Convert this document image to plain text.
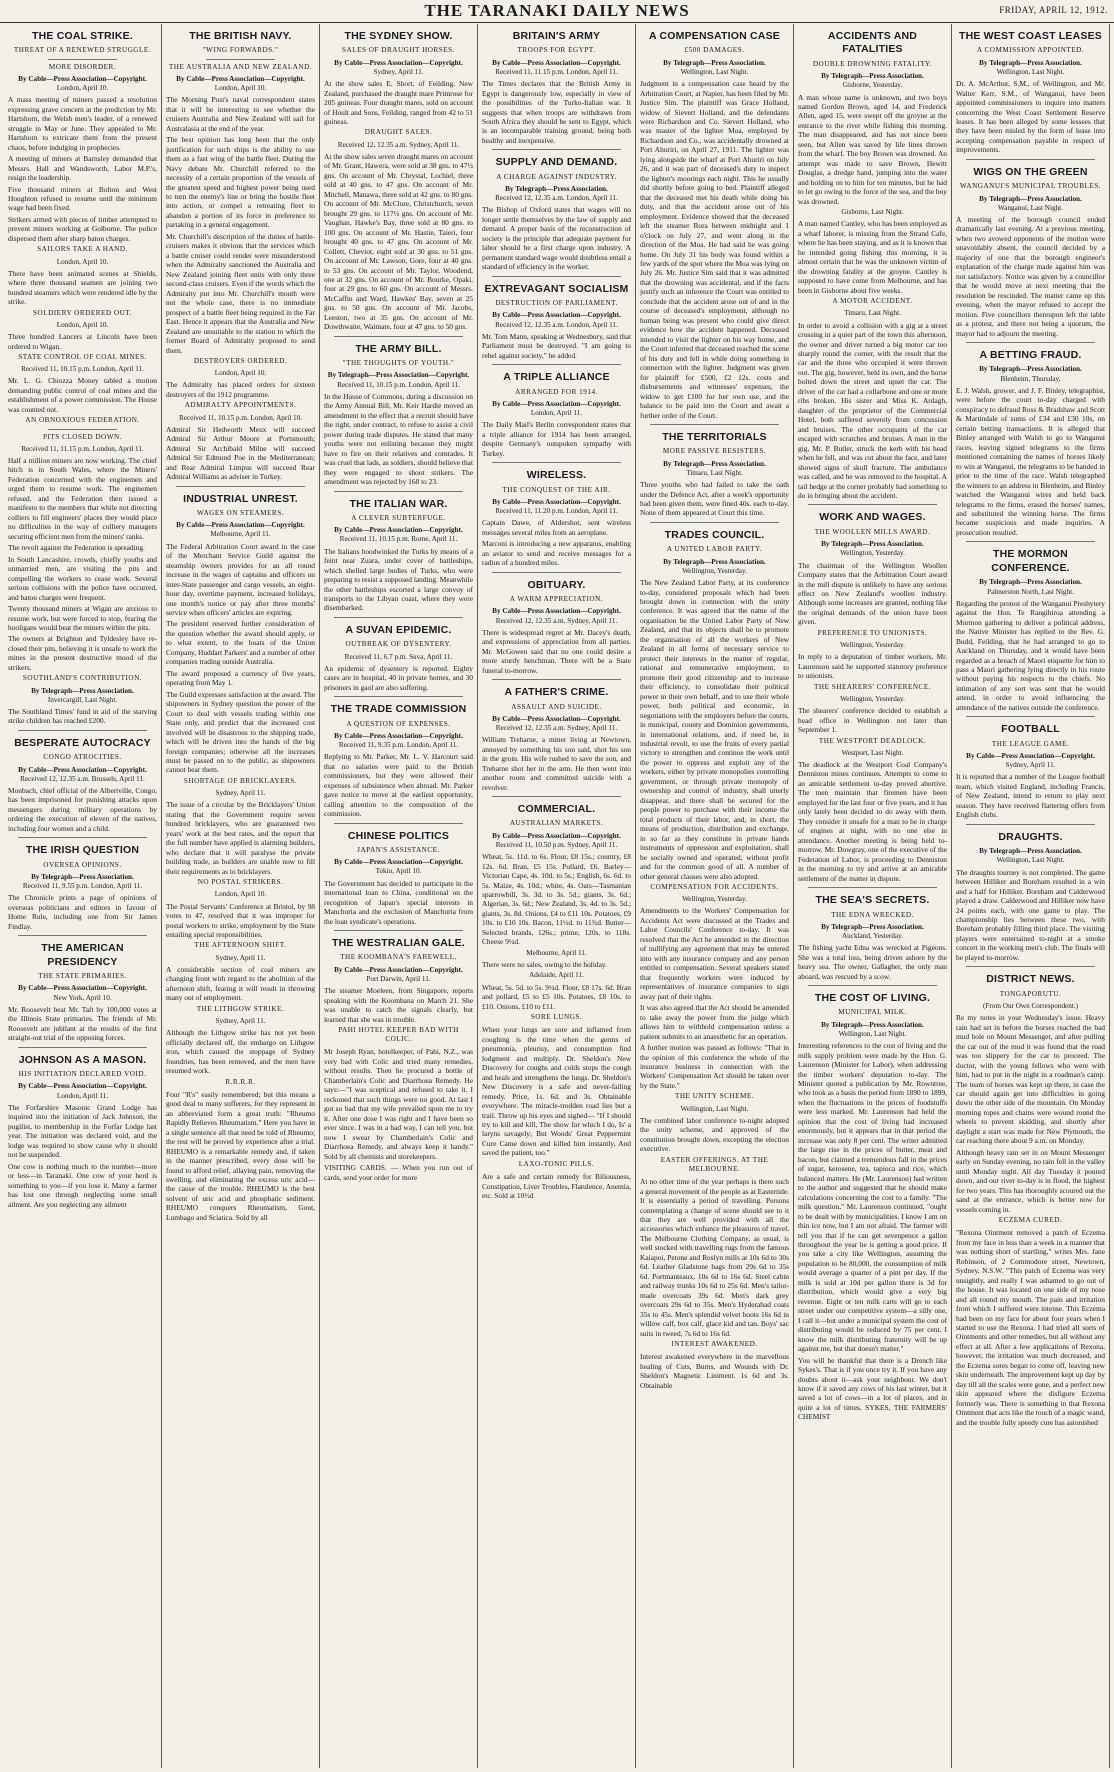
THE TARANAKI DAILY NEWS	FRIDAY, APRIL 12, 1912.
THE COAL STRIKE.
THREAT OF A RENEWED STRUGGLE.
MORE DISORDER.
By Cable—Press Association—Copyright.
London, April 10.
A mass meeting of miners passed a resolution expressing grave concern at the prediction by Mr. Hartshorn, the Welsh men's leader, of a renewed struggle in May or June. They appealed to Mr. Hartshorn to extricate them from the present chaos, before indulging in prophecies.
A meeting of miners at Barnsley demanded that Messrs. Hall and Wandsworth, Labor M.P.'s, resign the leadership.
Five thousand miners at Bolton and West Houghton refused to resume until the minimum wage had been fixed.
Strikers armed with pieces of timber attempted to prevent miners working at Golborne. The police dispersed them after sharp baton charges.
SAILORS TAKE A HAND.
London, April 10.
There have been animated scenes at Shields, where three thousand seamen are joining two hundred steamers which were rendered idle by the strike.
SOLDIERY ORDERED OUT.
London, April 10.
Three hundred Lancers at Lincoln have been ordered to Wigan.
STATE CONTROL OF COAL MINES.
Received 11, 10.15 p.m. London, April 11.
Mr. L. G. Chiozza Money tabled a motion demanding public control of coal mines and the establishment of a power commission. The House was counted out.
AN OBNOXIOUS FEDERATION.
PITS CLOSED DOWN.
Received 11, 11.15 p.m. London, April 11.
Half a million miners are now working. The chief hitch is in South Wales, where the Miners' Federation concerned with the enginemen and urged them to resume work. The enginemen refused, and the Federation then issued a manifesto to the members that while not directing colliers to fill engineers' places they would place no difficulties in the way of colliery managers securing efficient men from the miners' ranks.
The revolt against the Federation is spreading.
In South Lancashire, crowds, chiefly youths and unmarried men, are visiting the pits and compelling the workers to cease work. Several serious collisions with the police have occurred, and baton charges were frequent.
Twenty thousand miners at Wigan are anxious to resume work, but were forced to stop, fearing the hooligans would beat the miners within the pits.
The owners at Brighton and Tyldesley have re-closed their pits, believing it is unsafe to work the mines in the present destructive mood of the strikers.
SOUTHLAND'S CONTRIBUTION.
By Telegraph—Press Association.
Invercargill, Last Night.
The Southland Times' fund in aid of the starving strike children has reached £200.
BESPERATE AUTOCRACY
CONGO ATROCITIES.
By Cable—Press Association—Copyright.
Received 12, 12.35 a.m. Brussels, April 11.
Monbach, chief official of the Albertville, Congo, has been imprisoned for punishing attacks upon messengers during military operations by ordering the execution of eleven of the natives, including four women and a child.
THE IRISH QUESTION
OVERSEA OPINIONS.
By Telegraph—Press Association.
Received 11, 9.55 p.m. London, April 11.
The Chronicle prints a page of opinions of overseas politicians and editors in favour of Home Rule, including one from Sir James Findlay.
THE AMERICAN PRESIDENCY
THE STATE PRIMARIES.
By Cable—Press Association—Copyright.
New York, April 10.
Mr. Roosevelt beat Mr. Taft by 100,000 votes at the Illinois State primaries. The friends of Mr. Roosevelt are jubilant at the results of the first straight-out trial of the opposing forces.
JOHNSON AS A MASON.
HIS INITIATION DECLARED VOID.
By Cable—Press Association—Copyright.
London, April 11.
The Forfarshire Masonic Grand Lodge has inquired into the initiation of Jack Johnson, the pugilist, to membership in the Forfar Lodge last year. The initiation was declared void, and the lodge was required to show cause why it should not be suspended.
One cow is nothing much to the number—more or less—in Taranaki. One cow of your herd is something to you—if you lose it. Many a farmer has lost one through neglecting some small ailment. Are you neglecting any ailment
THE BRITISH NAVY.
"WING FORWARDS."
THE AUSTRALIA AND NEW ZEALAND.
By Cable—Press Association—Copyright.
London, April 10.
The Morning Post's naval correspondent states that it will be interesting to see whether the cruisers Australia and New Zealand will sail for Australasia at the end of the year.
The best opinion has long been that the only justification for such ships is the ability to use them as a fast wing of the battle fleet. During the Navy debate Mr. Churchill referred to the necessity of a certain proportion of the vessels of the greatest speed and highest power being used to turn the enemy's line or bring the hostile fleet into action, or compel a retreating fleet to abandon a portion of its force in preference to partaking in a general engagement.
Mr. Churchill's description of the duties of battle-cruisers makes it obvious that the services which a battle cruiser could render were misunderstood when the Admiralty sanctioned the Australia and New Zealand joining fleet units with only three second-class cruisers. Even if the words which the Admiralty put into Mr. Churchill's mouth were not the whole case, there is no immediate prospect of a battle fleet being required in the Far East. Hence it appears that the Australia and New Zealand are unsuitable to the station to which the former Board of Admiralty proposed to send them.
DESTROYERS ORDERED.
London, April 10.
The Admiralty has placed orders for sixteen destroyers of the 1912 programme.
ADMIRALTY APPOINTMENTS.
Received 11, 10.15 p.m. London, April 10.
Admiral Sir Hedworth Meux will succeed Admiral Sir Arthur Moore at Portsmouth; Admiral Sir Archibald Milne will succeed Admiral Sir Edmund Poe in the Mediterranean; and Rear Admiral Limpus will succeed Rear Admiral Williams as adviser in Turkey.
INDUSTRIAL UNREST.
WAGES ON STEAMERS.
By Cable—Press Association—Copyright.
Melbourne, April 11.
The Federal Arbitration Court award in the case of the Merchant Service Guild against the steamship owners provides for an all round increase in the wages of captains and officers on inter-State passenger and cargo vessels, an eight-hour day, overtime payment, increased holidays, one month's notice or pay after three months' service when officers' articles are expiring.
The president reserved further consideration of the question whether the award should apply, or to what extent, to the boats of the Union Company, Huddart Parkers' and a number of other companies trading outside Australia.
The award proposed a currency of five years, operating from May 1.
The Guild expresses satisfaction at the award. The shipowners in Sydney question the power of the Court to deal with vessels trading within one State only, and predict that the increased cost involved will be disastrous to the shipping trade, which will be driven into the hands of the big foreign companies; otherwise all the increases must be passed on to the public, as shipowners cannot bear them.
SHORTAGE OF BRICKLAYERS.
Sydney, April 11.
The issue of a circular by the Bricklayers' Union stating that the Government require seven hundred bricklayers, who are guaranteed two years' work at the best rates, and the report that the full number have applied is alarming builders, who declare that it will paralyse the private building trade, as builders are unable now to fill their requirements as to bricklayers.
NO POSTAL STRIKERS.
London, April 10.
The Postal Servants' Conference at Bristol, by 98 votes to 47, resolved that it was improper for postal workers to strike, employment by the State entailing special responsibilities.
THE AFTERNOON SHIFT.
Sydney, April 11.
A considerable section of coal miners are changing front with regard to the abolition of the afternoon shift, fearing it will result in throwing many out of employment.
THE LITHGOW STRIKE.
Sydney, April 11.
Although the Lithgow strike has not yet been officially declared off, the embargo on Lithgow iron, which caused the stoppage of Sydney foundries, has been removed, and the men have resumed work.
R.R.R.R.
Four "R's" easily remembered; but this means a good deal to many sufferers, for they represent in an abbreviated form a great truth: "Rheumo Rapidly Relieves Rheumatism." Here you have in a single sentence all that need be told of Rheumo; the rest will be proved by experience after a trial. RHEUMO is a remarkable remedy and, if taken in the manner prescribed, every dose will be found to afford relief, allaying pain, removing the swelling, and eliminating the excess uric acid—the cause of the trouble. RHEUMO is the best solvent of uric acid and phosphatic sediment. RHEUMO conquers Rheumatism, Gout, Lumbago and Sciatica. Sold by all
THE SYDNEY SHOW.
SALES OF DRAUGHT HORSES.
By Cable—Press Association—Copyright.
Sydney, April 11.
At the show sales E. Short, of Feilding, New Zealand, purchased the draught mare Primrose for 205 guineas. Four draught mares, sold on account of Hoult and Sons, Feilding, ranged from 42 to 51 guineas.
DRAUGHT SALES.
Received 12, 12.35 a.m. Sydney, April 11.
At the show sales seven draught mares on account of Mr. Grant, Hawera, were sold at 38 gns. to 47½ gns. On account of Mr. Chrystal, Lochiel, three sold at 40 gns. to 47 gns. On account of Mr. Mitchell, Manawa, three sold at 42 gns. to 80 gns. On account of Mr. McClure, Christchurch, seven brought 29 gns. to 117½ gns. On account of Mr. Vaughan, Hawke's Bay, three sold at 80 gns. to 100 gns. On account of Mr. Hastie, Taieri, four brought 40 gns. to 47 gns. On account of Mr. Collett, Cheviot, eight sold at 30 gns. to 51 gns. On account of Mr. Lawson, Gore, four at 40 gns. to 53 gns. On account of Mr. Taylor, Woodend, one at 32 gns. On account of Mr. Bourke, Opaki, four at 29 gns. to 60 gns. On account of Messrs. McCaffin and Ward, Hawkes' Bay, seven at 25 gns. to 50 gns. On account of Mr. Jacobs, Leeston, two at 35 gns. On account of Mr. Dowthwaite, Waimate, four at 47 gns. to 50 gns.
THE ARMY BILL.
"THE THOUGHTS OF YOUTH."
By Telegraph—Press Association—Copyright.
Received 11, 10.15 p.m. London, April 11.
In the House of Commons, during a discussion on the Army Annual Bill, Mr. Keir Hardie moved an amendment to the effect that a recruit should have the right, under contract, to refuse to assist a civil power during trade disputes. He stated that many youths were not enlisting because they might have to fire on their relatives and comrades. It was cruel that lads, as soldiers, should believe that they were engaged to shoot strikers. The amendment was rejected by 168 to 23.
THE ITALIAN WAR.
A CLEVER SUBTERFUGE.
By Cable—Press Association—Copyright.
Received 11, 10.15 p.m. Rome, April 11.
The Italians hoodwinked the Turks by means of a feint near Zuara, under cover of battleships, which shelled large bodies of Turks, who were preparing to resist a supposed landing. Meanwhile the other battleships escorted a large convoy of transports to the Libyan coast, where they were disembarked.
A SUVAN EPIDEMIC.
OUTBREAK OF DYSENTERY.
Received 11, 6.7 p.m. Suva, April 11.
An epidemic of dysentery is reported. Eighty cases are in hospital, 40 in private homes, and 30 prisoners in gaol are also suffering.
THE TRADE COMMISSION
A QUESTION OF EXPENSES.
By Cable—Press Association—Copyright.
Received 11, 9.35 p.m. London, April 11.
Replying to Mr. Parker, Mr. L. V. Harcourt said that no salaries were paid to the British commissioners, but they were allowed their expenses of subsistence when abroad. Mr. Parker gave notice to move at the earliest opportunity, calling attention to the composition of the commission.
CHINESE POLITICS
JAPAN'S ASSISTANCE.
By Cable—Press Association—Copyright.
Tokio, April 10.
The Government has decided to participate in the international loan to China, conditional on the recognition of Japan's special interests in Manchuria and the exclusion of Manchuria from the loan syndicate's operations.
THE WESTRALIAN GALE.
THE KOOMBANA'S FAREWELL.
By Cable—Press Association—Copyright.
Port Darwin, April 11.
The steamer Moeleen, from Singapore, reports speaking with the Koombana on March 21. She was unable to catch the signals clearly, but learned that she was in trouble.
PAHI HOTEL KEEPER BAD WITH COLIC.
Mr Joseph Ryan, hotelkeeper, of Pahi, N.Z., was very bad with Colic and tried many remedies, without results. Then he procured a bottle of Chamberlain's Colic and Diarrhoea Remedy. He says:—"I was sceptical and refused to take it. I reckoned that such things were no good. At last I got so bad that my wife prevailed upon me to try it. After one dose I was right and I have been so ever since. I was in a bad way, I can tell you, but now I swear by Chamberlain's Colic and Diarrhoea Remedy, and always keep it handy." Sold by all chemists and storekeepers.
VISITING CARDS. — When you run out of cards, send your order for more
BRITAIN'S ARMY
TROOPS FOR EGYPT.
By Cable—Press Association—Copyright.
Received 11, 11.15 p.m. London, April 11.
The Times declares that the British Army in Egypt is dangerously low, especially in view of the possibilities of the Turko-Italian war. It suggests that when troops are withdrawn from South Africa they should be sent to Egypt, which is an incomparable training ground, being both healthy and inexpensive.
SUPPLY AND DEMAND.
A CHARGE AGAINST INDUSTRY.
By Telegraph—Press Association.
Received 12, 12.35 a.m. London, April 11.
The Bishop of Oxford states that wages will no longer settle themselves by the law of supply and demand. A proper basis of the reconstruction of society is the principle that adequate payment for labor should be a first charge upon industry. A permanent standard wage would doubtless entail a standard of efficiency in the worker.
EXTREVAGANT SOCIALISM
DESTRUCTION OF PARLIAMENT.
By Cable—Press Association—Copyright.
Received 12, 12.35 a.m. London, April 11.
Mr. Tom Mann, speaking at Wednesbury, said that Parliament must be destroyed. "I am going to rebel against society," he added.
A TRIPLE ALLIANCE
ARRANGED FOR 1914.
By Cable—Press Association—Copyright.
London, April 11.
The Daily Mail's Berlin correspondent states that a triple alliance for 1914 has been arranged, despite Germany's outspoken sympathy with Turkey.
WIRELESS.
THE CONQUEST OF THE AIR.
By Cable—Press Association—Copyright.
Received 11, 11.20 p.m. London, April 11.
Captain Dawe, of Aldershot, sent wireless messages several miles from an aeroplane.
Marconi is introducing a new apparatus, enabling an aviator to send and receive messages for a radius of a hundred miles.
OBITUARY.
A WARM APPRECIATION.
By Cable—Press Association—Copyright.
Received 12, 12.35 a.m. Sydney, April 11.
There is widespread regret at Mr. Dacey's death, and expressions of appreciation from all parties. Mr. McGowen said that no one could desire a more sturdy henchman. There will be a State funeral to-morrow.
A FATHER'S CRIME.
ASSAULT AND SUICIDE.
By Cable—Press Association—Copyright.
Received 12, 12.35 a.m. Sydney, April 11.
William Treharne, a miner living at Newtown, annoyed by something his son said, shot his son in the groin. His wife rushed to save the son, and Treharne shot her in the arm. He then went into another room and committed suicide with a revolver.
COMMERCIAL.
AUSTRALIAN MARKETS.
By Cable—Press Association—Copyright.
Received 11, 10.50 p.m. Sydney, April 11.
Wheat, 5s. 11d. to 6s. Flour, £8 15s.; country, £8 12s. 6d. Bran, £5 15s. Pollard, £6. Barley—Victorian Cape, 4s. 10d. to 5s.; English, 6s. 6d. to 5s. Maize, 4s. 10d.; white, 4s. Oats—Tasmanian sparrowbill, 3s. 3d. to 3s. 5d.; giants, 3s. 6d.; Algerian, 3s. 6d.; New Zealand, 3s. 4d. to 3s. 5d.; giants, 3s. 8d. Onions, £4 to £11 10s. Potatoes, £9 10s. to £10 10s. Bacon, 11½d. to 11¾d. Butter—Selected brands, 126s.; prime, 120s. to 118s. Cheese 9¼d.
Melbourne, April 11.
There were no sales, owing to the holiday.
Adelaide, April 11.
Wheat, 5s. 5d. to 5s. 9¼d. Flour, £8 17s. 6d. Bran and pollard, £5 to £5 10s. Potatoes, £8 10s. to £10. Onions, £10 to £11.
SORE LUNGS.
When your lungs are sore and inflamed from coughing is the time when the germs of pneumonia, pleurisy, and consumption find lodgment and multiply. Dr. Sheldon's New Discovery for coughs and colds stops the cough and heals and strengthens the lungs. Dr. Sheldon's New Discovery is a safe and never-failing remedy. Price, 1s. 6d. and 3s. Obtainable everywhere. The miracle-trodden road lies but a trail. Throw up his eyes and sighed— "If I should try to kill and kill, The show for which I do, Is' a laryns savagely; But Woods' Great Peppermint Cure Came down and killed him instantly, And saved the patient, too."
LAXO-TONIC PILLS.
Are a safe and certain remedy for Biliousness, Constipation, Liver Troubles, Flatulence, Anemia, etc. Sold at 10½d
A COMPENSATION CASE
£500 DAMAGES.
By Telegraph—Press Association.
Wellington, Last Night.
Judgment in a compensation case heard by the Arbitration Court, at Napier, has been filed by Mr. Justice Sim. The plaintiff was Grace Holland, widow of Sievert Holland, and the defendants were Richardson and Co. Sievert Holland, who was master of the lighter Moa, employed by Richardson and Co., was accidentally drowned at Port Ahuriri, on April 27, 1911. The lighter was lying alongside the wharf at Port Ahuriri on July 26, and it was part of deceased's duty to inspect the lighter's moorings each night. This he usually did shortly before going to bed. Plaintiff alleged that the deceased met his death while doing his duty, and that the accident arose out of his employment. Evidence showed that the deceased left the steamer Rora between midnight and 1 o'clock on July 27, and went along in the direction of the Moa. He had said he was going home. On July 31 his body was found within a few yards of the spot where the Moa was lying on July 26. Mr. Justice Sim said that it was admitted that the drowning was accidental, and if the facts justify such an inference the Court was entitled to conclude that the accident arose out of and in the course of deceased's employment, although no human being was present who could give direct evidence how the accident happened. Deceased intended to visit the lighter on his way home, and the Court inferred that deceased reached the scene of his duty and fell in while doing something in connection with the lighter. Judgment was given for plaintiff for £500, £2 12s. costs and disbursements and witnesses' expenses, the widow to get £100 for her own use, and the balance to be paid into the Court and await a further order of the Court.
THE TERRITORIALS
MORE PASSIVE RESISTERS.
By Telegraph—Press Association.
Timaru, Last Night.
Three youths who had failed to take the oath under the Defence Act, after a week's opportunity had been given them, were fined 40s. each to-day. None of them appeared at Court this time.
TRADES COUNCIL.
A UNITED LABOR PARTY.
By Telegraph—Press Association.
Wellington, Yesterday.
The New Zealand Labor Party, at its conference to-day, considered proposals which had been brought down in connection with the unity conference. It was agreed that the name of the organisation be the United Labor Party of New Zealand, and that its objects shall be to promote the organisation of all the workers of New Zealand in all forms of necessary service to protect their interests in the matter of regular, rational and remunerative employment, to promote their good citizenship and to increase their efficiency, to consolidate their political power in their own behalf, and to use their whole power, both political and economic, in negotiations with the employers before the courts, in municipal, county and Dominion governments, in international relations, and, if need be, in industrial revolt, to use the fruits of every partial victory to strengthen and continue the work until the power to oppress and exploit any of the workers, either by private monopolies controlling government, or through private monopoly of ownership and control of industry, shall utterly disappear, and there shall be secured for the people power to purchase with their income the total products of their labor, and, in short, the means of production, distribution and exchange, in so far as they constitute in private hands instruments of oppression and exploitation, shall be socially owned and operated, without profit and for the common good of all. A number of other general clauses were also adopted.
COMPENSATION FOR ACCIDENTS.
Wellington, Yesterday.
Amendments to the Workers' Compensation for Accidents Act were discussed at the Trades and Labor Councils' Conference to-day. It was resolved that the Act be amended in the direction of nullifying any agreement that may be entered into with any insurance company and any person entitled to compensation. Several speakers stated that frequently workers were induced by representatives of insurance companies to sign away part of their rights.
It was also agreed that the Act should be amended to take away the power from the judge which allows him to withhold compensation unless a patient submits to an anaesthetic for an operation.
A further motion was passed as follows: "That in the opinion of this conference the whole of the insurance business in connection with the Workers' Compensation Act should be taken over by the State."
THE UNITY SCHEME.
Wellington, Last Night.
The combined labor conference to-night adopted the unity scheme, and approved of the constitution brought down, excepting the election executive.
EASTER OFFERINGS. AT THE MELBOURNE.
At no other time of the year perhaps is there such a general movement of the people as at Eastertide. It is essentially a period of travelling. Persons contemplating a change of scene should see to it that they are well provided with all the accessories which enhance the pleasures of travel. The Melbourne Clothing Company, as usual, is well stocked with travelling rugs from the famous Kaiapoi, Petone and Roslyn mills at 10s 6d to 30s 6d. Leather Gladstone bags from 29s 6d to 35s 6d. Portmanteaux, 10s 6d to 16s 6d. Steel cabin and railway trunks 10s 6d to 25s 6d. Men's tailor-made overcoats 39s 6d. Men's dark grey overcoats 29s 6d to 35s. Men's Hyderabad coats 35s to 45s. Men's splendid velvet boots 16s 6d in willow calf, box calf, glace kid and tan. Boys' sac suits in tweed, 7s 6d to 16s 6d.
INTEREST AWAKENED.
Interest awakened everywhere in the marvellous healing of Cuts, Burns, and Wounds with Dr. Sheldon's Magnetic Liniment. 1s 6d and 3s. Obtainable
ACCIDENTS AND FATALITIES
DOUBLE DROWNING FATALITY.
By Telegraph—Press Association.
Gisborne, Yesterday.
A man whose name is unknown, and two boys named Gordon Brown, aged 14, and Frederick Allen, aged 15, were swept off the groyne at the entrance to the river while fishing this morning. The man disappeared, and has not since been seen, but Allen was saved by life lines thrown from the wharf. The boy Brown was drowned. An attempt was made to save Brown, Hewitt Douglas, a dredge hand, jumping into the water and holding on to him for ten minutes, but he had to let go owing to the force of the sea, and the boy was drowned.
Gisborne, Last Night.
A man named Cantley, who has been employed as a wharf laborer, is missing from the Strand Cafe, where he has been staying, and as it is known that he intended going fishing this morning, it is almost certain that he was the unknown victim of the drowning fatality at the groyne. Cantley is supposed to have come from Melbourne, and has been in Gisborne about five weeks.
A MOTOR ACCIDENT.
Timaru, Last Night.
In order to avoid a collision with a gig at a street crossing in a quiet part of the town this afternoon, the owner and driver turned a big motor car too sharply round the corner, with the result that the car and the three who occupied it were thrown out. The gig, however, held its own, and the horse bolted down the street and upset the car. The driver of the car had a collarbone and one or more ribs broken. His sister and Miss K. Ardagh, daughter of the proprietor of the Commercial Hotel, both suffered severely from concussion and bruises. The other occupants of the car escaped with scratches and bruises. A man in the gig, Mr. P. Butler, struck the kerb with his head when he fell, and was cut about the face, and later showed signs of skull fracture. The ambulance was called, and he was removed to the hospital. A tail hedge at the corner probably had something to do in bringing about the accident.
WORK AND WAGES.
THE WOOLLEN MILLS AWARD.
By Telegraph—Press Association.
Wellington, Yesterday.
The chairman of the Wellington Woollen Company states that the Arbitration Court award in the mill dispute is unlikely to have any serious effect on New Zealand's woollen industry. Although some increases are granted, nothing like the original demands of the union have been given.
PREFERENCE TO UNIONISTS.
Wellington, Yesterday.
In reply to a deputation of timber workers, Mr. Laurenson said he supported statutory preference to unionists.
THE SHEARERS' CONFERENCE.
Wellington, Yesterday.
The shearers' conference decided to establish a head office in Wellington not later than September 1.
THE WESTPORT DEADLOCK.
Westport, Last Night.
The deadlock at the Westport Coal Company's Denniston mines continues. Attempts to come to an amicable settlement to-day proved abortive. The men maintain that firemen have been employed for the last four or five years, and it has only lately been decided to do away with them. They consider it unsafe for a man to be in charge of engines at night, with no one else in attendance. Another meeting is being held to-morrow. Mr. Dowgray, one of the executive of the Federation of Labor, is proceeding to Denniston in the morning to try and arrive at an amicable settlement of the matter in dispute.
THE SEA'S SECRETS.
THE EDNA WRECKED.
By Telegraph—Press Association.
Auckland, Yesterday.
The fishing yacht Edna was wrecked at Pigeons. She was a total loss, being driven ashore by the heavy sea. The owner, Gallagher, the only man aboard, was rescued by a scow.
THE COST OF LIVING.
MUNICIPAL MILK.
By Telegraph—Press Association.
Wellington, Last Night.
Interesting references to the cost of living and the milk supply problem were made by the Hon. G. Laurenson (Minister for Labor), when addressing the timber workers' deputation to-day. The Minister quoted a publication by Mr. Rowntree, who took as a basis the period from 1890 to 1899, when the fluctuations in the prices of foodstuffs were less marked. Mr. Laurenson had held the opinion that the cost of living had increased enormously, but it appears that in that period the increase was only 8 per cent. The writer admitted the large rise in the prices of butter, meat and bacon, but claimed a tremendous fall in the prices of sugar, kerosene, tea, tapioca and rice, which balanced matters. He (Mr. Laurenson) had written to the author and suggested that he should make calculations concerning the cost to a family. "The milk question," Mr. Laurenson continued, "ought to be dealt with by municipalities. I know I am on thin ice now, but I am not afraid. The farmer will tell you that if he can get sevenpence a gallon throughout the year he is getting a good price. If you take a city like Wellington, assuming the population to be 80,000, the consumption of milk would average a quarter of a pint per day. If the milk is sold at 10d per gallon there is 3d for distribution, which would give a very big revenue. Eight or ten milk carts will go to each street under our competitive system—a silly one, I call it—but under a municipal system the cost of distributing would be reduced by 75 per cent. I know the milk distributing fraternity will be up against me, but that doesn't matter."
You will be thankful that there is a Drench like Sykes's. That is if you once try it. If you have any doubts about it—ask your neighbour. We don't know if it saved any cows of his last winter, but it saved a lot of cows—in a lot of places, and in quite a lot of times. SYKES, THE FARMERS' CHEMIST
THE WEST COAST LEASES
A COMMISSION APPOINTED.
By Telegraph—Press Association.
Wellington, Last Night.
Dr. A. McArthur, S.M., of Wellington, and Mr. Walter Kerr, S.M., of Wanganui, have been appointed commissioners to inquire into matters concerning the West Coast Settlement Reserve leases. It has been alleged by some lessees that they have been misled by the form of lease into accepting compensation payable in respect of improvements.
WIGS ON THE GREEN
WANGANUI'S MUNICIPAL TROUBLES.
By Telegraph—Press Association.
Wanganui, Last Night.
A meeting of the borough council ended dramatically last evening. At a previous meeting, when two avowed opponents of the motion were unavoidably absent, the council decided by a majority of one that the borough engineer's explanation of the charge made against him was not satisfactory. Notice was given by a councillor that he would move at next meeting that the resolution be rescinded. The matter came up this evening, when the mayor refused to accept the motion. Five councillors thereupon left the table as a protest, and there not being a quorum, the mayor had to adjourn the meeting.
A BETTING FRAUD.
By Telegraph—Press Association.
Blenheim, Thursday.
E. J. Walsh, grower, and J. F. Binley, telegraphist, were before the court to-day charged with conspiracy to defraud Ross & Bradshaw and Scott & Martindale of sums of £34 and £30 10s, on certain betting transactions. It is alleged that Binley arranged with Walsh to go to Wanganui races, leaving signed telegrams to the firms mentioned containing the names of horses likely to win at Wanganui, the telegrams to be handed in prior to the time of the race. Walsh telegraphed the winners to an address in Blenheim, and Binley watched the Wanganui wires and held back telegrams to the firms, erased the horses' names, and substituted the winning horse. The firms became suspicious and made inquiries. A prosecution resulted.
THE MORMON CONFERENCE.
By Telegraph—Press Association.
Palmerston North, Last Night.
Regarding the protest of the Wanganui Presbytery against the Hon. Te Rangihiroa attending a Mormon gathering to deliver a political address, the Native Minister has replied to the Rev. G. Budd, Feilding, that he had arranged to go to Auckland on Thursday, and it would have been regarded as a breach of Maori etiquette for him to pass a Maori gathering lying directly in his route without paying his respects to the chiefs. No intimation of any sort was sent that he would attend, in order to avoid influencing the attendance of the natives outside the conference.
FOOTBALL
THE LEAGUE GAME.
By Cable—Press Association—Copyright.
Sydney, April 11.
It is reported that a number of the League football team, which visited England, including Francis, of New Zealand, intend to return to play next season. They have received flattering offers from English clubs.
DRAUGHTS.
By Telegraph—Press Association.
Wellington, Last Night.
The draughts tourney is not completed. The game between Hilliker and Boreham resulted in a win and a half for Hilliker. Boreham and Calderwood played a draw. Calderwood and Hilliker now have 24 points each, with one game to play. The championship lies between these two, with Boreham probably filling third place. The visiting players were entertained to-night at a smoke concert in the working men's club. The finals will be played to-morrow.
DISTRICT NEWS.
TONGAPORUTU.
(From Our Own Correspondent.)
Re my notes in your Wednesday's issue. Heavy rain had set in before the horses reached the bad mud hole on Mount Messenger, and after pulling the car out of the mud it was found that the road was too slippery for the car to proceed. The doctor, with the young fellows who were with him, had to put in the night in a roadman's camp. The team of horses was kept up there, in case the car should again get into difficulties in going down the other side of the mountain. On Monday morning ropes and chains were wound round the wheels to prevent skidding, and shortly after daylight a start was made for New Plymouth, the car reaching there about 9 a.m. on Monday.
Although heavy rain set in on Mount Messenger early on Sunday evening, no rain fell in the valley until Monday night. All day Tuesday it poured down, and our river to-day is in flood, the highest for two years. This has thoroughly scoured out the sand at the entrance, which is better now for vessels coming in.
ECZEMA CURED.
"Rexona Ointment removed a patch of Eczema from my face in less than a week in a manner that was nothing short of startling," writes Mrs. Jane Robinson, of 2 Commodore street, Newtown, Sydney, N.S.W. "This patch of Eczema was very unsightly, and really I was ashamed to go out of the house. It was located on one side of my nose and all round my mouth. The pain and irritation from which I suffered were intense. This Eczema had been on my face for about four years when I started to use the Rexona. I had tried all sorts of Ointments and other remedies, but all without any effect at all. After a few applications of Rexona, however, the irritation was much decreased, and the Eczema sores began to come off, leaving new skin underneath. The improvement kept up day by day till all the scales were gone, and a perfect new skin appeared where the disfigure Eczema formerly was. There is something in that Rexona Ointment that acts like the touch of a magic wand, and the trouble fully speedy cure has astonished
